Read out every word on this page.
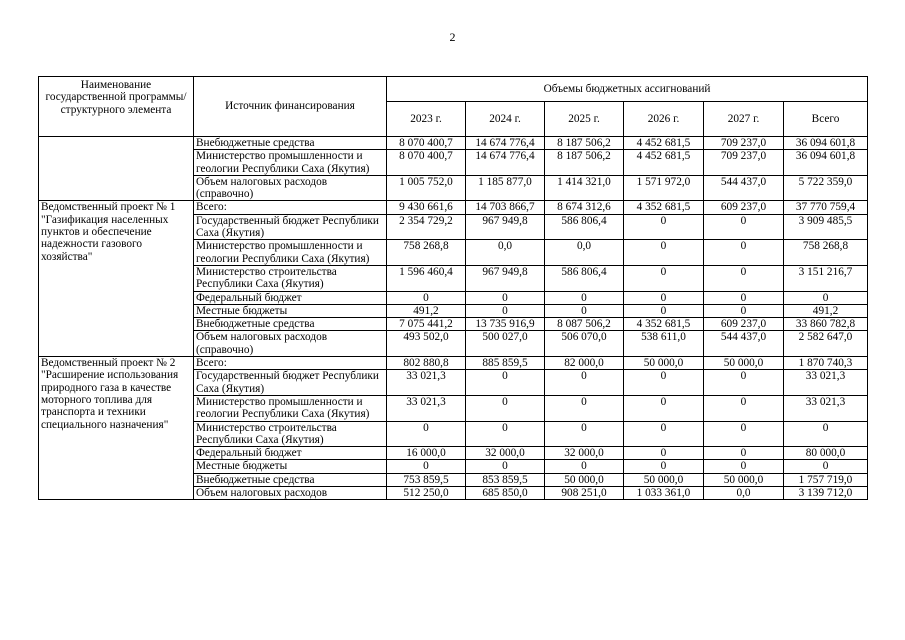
2
Наименование государственной программы/ структурного элемента	Источник финансирования	Объемы бюджетных ассигнований					
		2023 г.	2024 г.	2025 г.	2026 г.	2027 г.	Всего
	Внебюджетные средства	8 070 400,7	14 674 776,4	8 187 506,2	4 452 681,5	709 237,0	36 094 601,8
	Министерство промышленности и геологии Республики Саха (Якутия)	8 070 400,7	14 674 776,4	8 187 506,2	4 452 681,5	709 237,0	36 094 601,8
	Объем налоговых расходов (справочно)	1 005 752,0	1 185 877,0	1 414 321,0	1 571 972,0	544 437,0	5 722 359,0
Ведомственный проект № 1 "Газификация населенных пунктов и обеспечение надежности газового хозяйства"	Всего:	9 430 661,6	14 703 866,7	8 674 312,6	4 352 681,5	609 237,0	37 770 759,4
	Государственный бюджет Республики Саха (Якутия)	2 354 729,2	967 949,8	586 806,4	0	0	3 909 485,5
	Министерство промышленности и геологии Республики Саха (Якутия)	758 268,8	0,0	0,0	0	0	758 268,8
	Министерство строительства Республики Саха (Якутия)	1 596 460,4	967 949,8	586 806,4	0	0	3 151 216,7
	Федеральный бюджет	0	0	0	0	0	0
	Местные бюджеты	491,2	0	0	0	0	491,2
	Внебюджетные средства	7 075 441,2	13 735 916,9	8 087 506,2	4 352 681,5	609 237,0	33 860 782,8
	Объем налоговых расходов (справочно)	493 502,0	500 027,0	506 070,0	538 611,0	544 437,0	2 582 647,0
Ведомственный проект № 2 "Расширение использования природного газа в качестве моторного топлива для транспорта и техники специального назначения"	Всего:	802 880,8	885 859,5	82 000,0	50 000,0	50 000,0	1 870 740,3
	Государственный бюджет Республики Саха (Якутия)	33 021,3	0	0	0	0	33 021,3
	Министерство промышленности и геологии Республики Саха (Якутия)	33 021,3	0	0	0	0	33 021,3
	Министерство строительства Республики Саха (Якутия)	0	0	0	0	0	0
	Федеральный бюджет	16 000,0	32 000,0	32 000,0	0	0	80 000,0
	Местные бюджеты	0	0	0	0	0	0
	Внебюджетные средства	753 859,5	853 859,5	50 000,0	50 000,0	50 000,0	1 757 719,0
	Объем налоговых расходов	512 250,0	685 850,0	908 251,0	1 033 361,0	0,0	3 139 712,0
